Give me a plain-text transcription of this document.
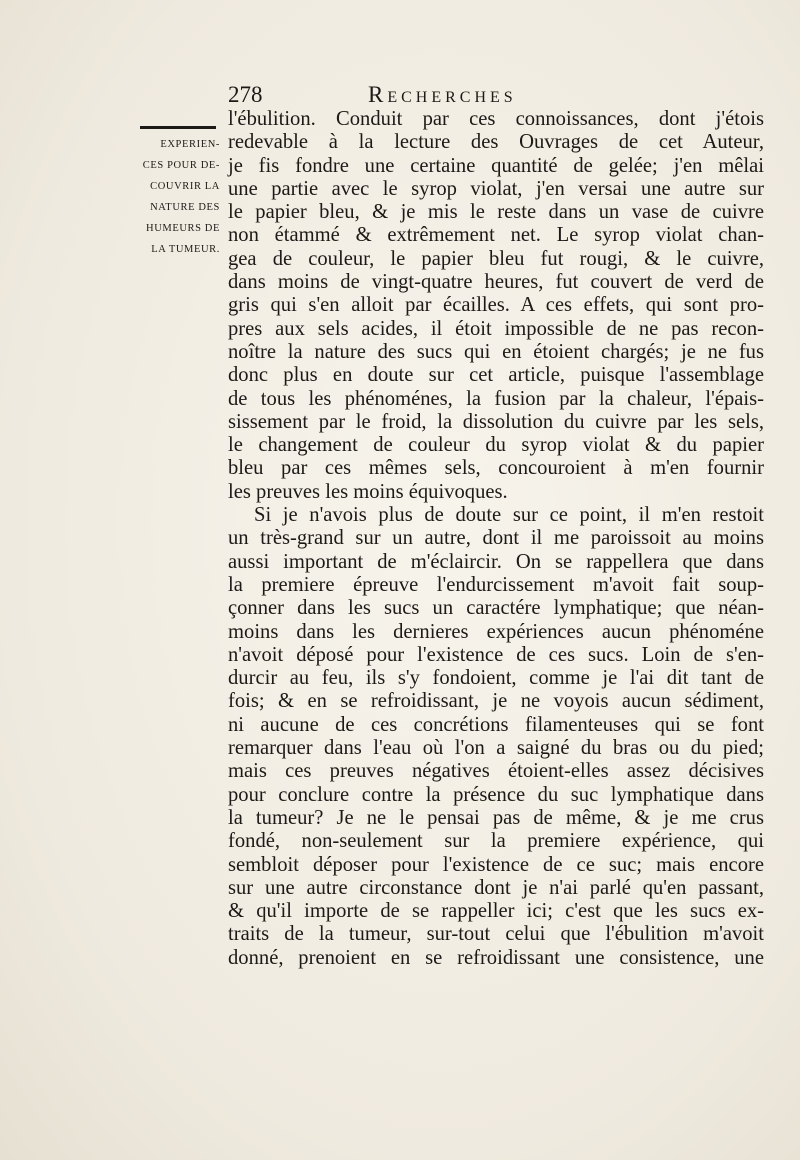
278	Recherches
EXPERIEN-
CES POUR DE-
COUVRIR LA
NATURE DES
HUMEURS DE
LA TUMEUR.
l'ébulition. Conduit par ces connoissances, dont j'étois
redevable à la lecture des Ouvrages de cet Auteur,
je fis fondre une certaine quantité de gelée; j'en mêlai
une partie avec le syrop violat, j'en versai une autre sur
le papier bleu, & je mis le reste dans un vase de cuivre
non étammé & extrêmement net. Le syrop violat chan-
gea de couleur, le papier bleu fut rougi, & le cuivre,
dans moins de vingt-quatre heures, fut couvert de verd de
gris qui s'en alloit par écailles. A ces effets, qui sont pro-
pres aux sels acides, il étoit impossible de ne pas recon-
noître la nature des sucs qui en étoient chargés; je ne fus
donc plus en doute sur cet article, puisque l'assemblage
de tous les phénoménes, la fusion par la chaleur, l'épais-
sissement par le froid, la dissolution du cuivre par les sels,
le changement de couleur du syrop violat & du papier
bleu par ces mêmes sels, concouroient à m'en fournir
les preuves les moins équivoques.
Si je n'avois plus de doute sur ce point, il m'en restoit
un très-grand sur un autre, dont il me paroissoit au moins
aussi important de m'éclaircir. On se rappellera que dans
la premiere épreuve l'endurcissement m'avoit fait soup-
çonner dans les sucs un caractére lymphatique; que néan-
moins dans les dernieres expériences aucun phénoméne
n'avoit déposé pour l'existence de ces sucs. Loin de s'en-
durcir au feu, ils s'y fondoient, comme je l'ai dit tant de
fois; & en se refroidissant, je ne voyois aucun sédiment,
ni aucune de ces concrétions filamenteuses qui se font
remarquer dans l'eau où l'on a saigné du bras ou du pied;
mais ces preuves négatives étoient-elles assez décisives
pour conclure contre la présence du suc lymphatique dans
la tumeur? Je ne le pensai pas de même, & je me crus
fondé, non-seulement sur la premiere expérience, qui
sembloit déposer pour l'existence de ce suc; mais encore
sur une autre circonstance dont je n'ai parlé qu'en passant,
& qu'il importe de se rappeller ici; c'est que les sucs ex-
traits de la tumeur, sur-tout celui que l'ébulition m'avoit
donné, prenoient en se refroidissant une consistence, une
